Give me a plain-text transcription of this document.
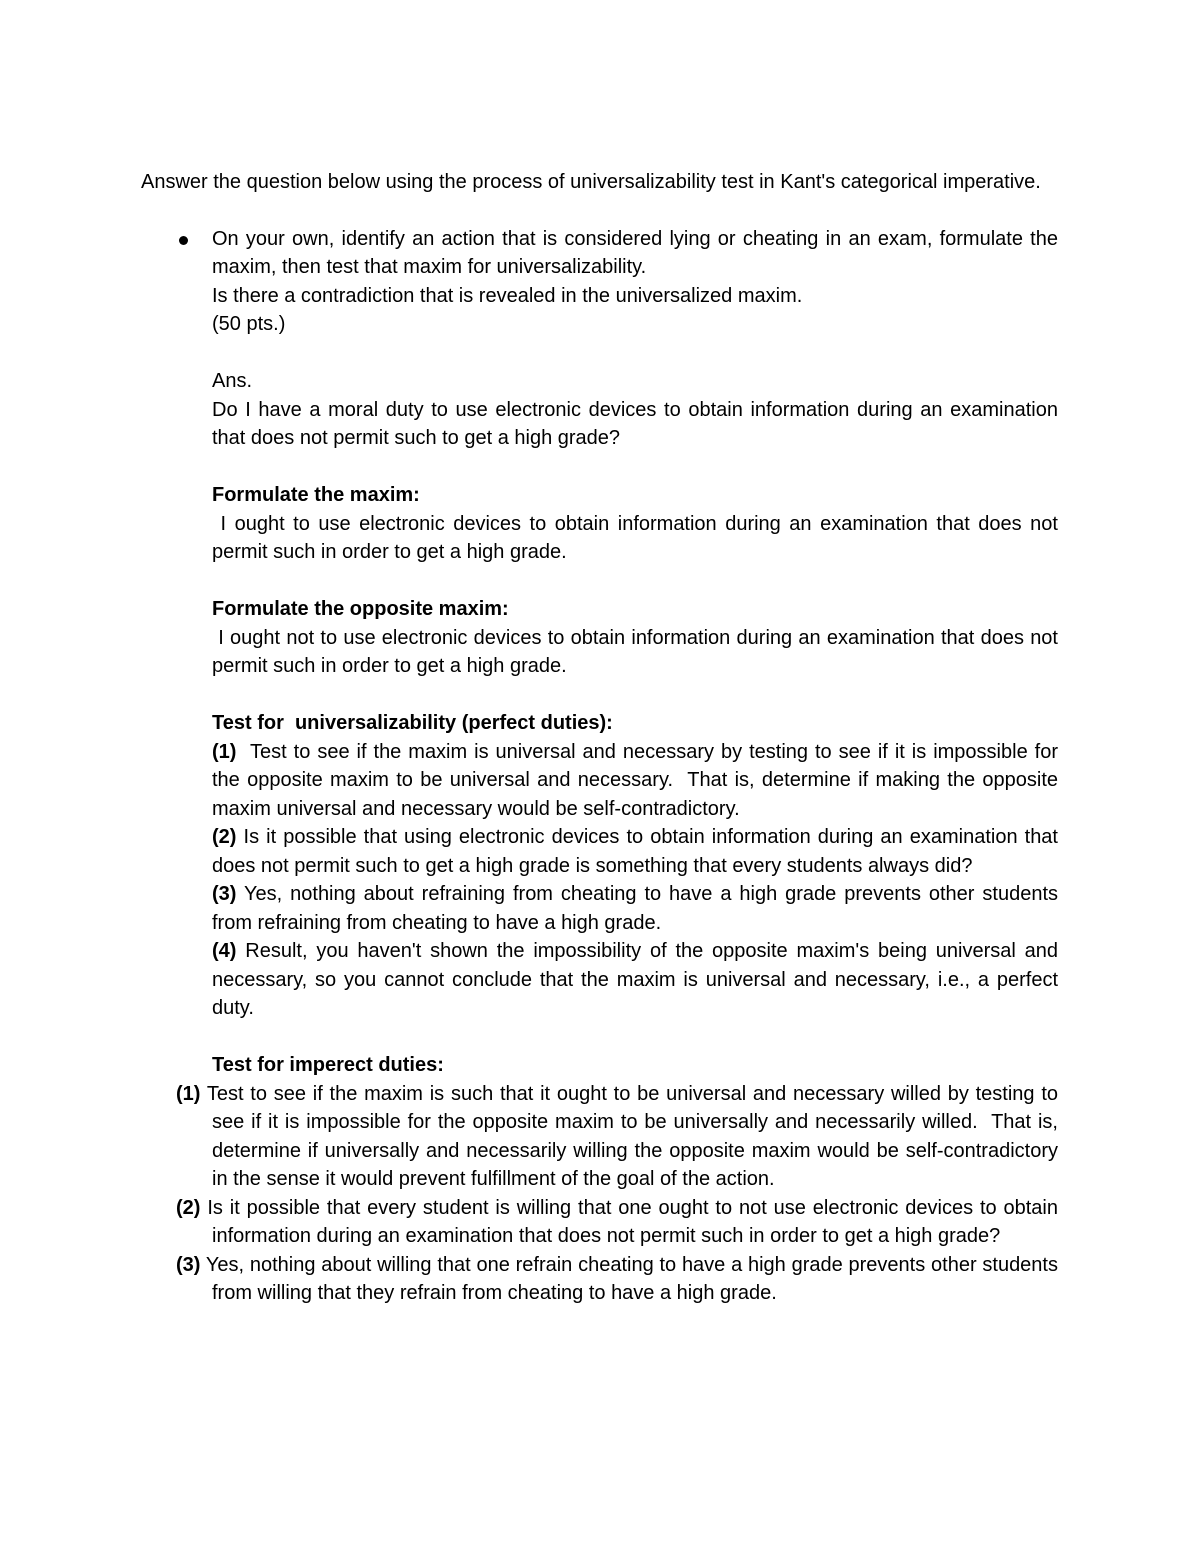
Answer the question below using the process of universalizability test in Kant's categorical imperative.

On your own, identify an action that is considered lying or cheating in an exam, formulate the maxim, then test that maxim for universalizability.

Is there a contradiction that is revealed in the universalized maxim.

(50 pts.)

Ans.

Do I have a moral duty to use electronic devices to obtain information during an examination that does not permit such to get a high grade?

Formulate the maxim:

I ought to use electronic devices to obtain information during an examination that does not permit such in order to get a high grade.

Formulate the opposite maxim:

I ought not to use electronic devices to obtain information during an examination that does not permit such in order to get a high grade.

Test for  universalizability (perfect duties):

(1)  Test to see if the maxim is universal and necessary by testing to see if it is impossible for the opposite maxim to be universal and necessary.  That is, determine if making the opposite maxim universal and necessary would be self-contradictory.

(2) Is it possible that using electronic devices to obtain information during an examination that does not permit such to get a high grade is something that every students always did?

(3) Yes, nothing about refraining from cheating to have a high grade prevents other students from refraining from cheating to have a high grade.

(4) Result, you haven't shown the impossibility of the opposite maxim's being universal and necessary, so you cannot conclude that the maxim is universal and necessary, i.e., a perfect duty.

Test for imperect duties:

(1) Test to see if the maxim is such that it ought to be universal and necessary willed by testing to see if it is impossible for the opposite maxim to be universally and necessarily willed.  That is, determine if universally and necessarily willing the opposite maxim would be self-contradictory in the sense it would prevent fulfillment of the goal of the action.

(2) Is it possible that every student is willing that one ought to not use electronic devices to obtain information during an examination that does not permit such in order to get a high grade?

(3) Yes, nothing about willing that one refrain cheating to have a high grade prevents other students from willing that they refrain from cheating to have a high grade.
